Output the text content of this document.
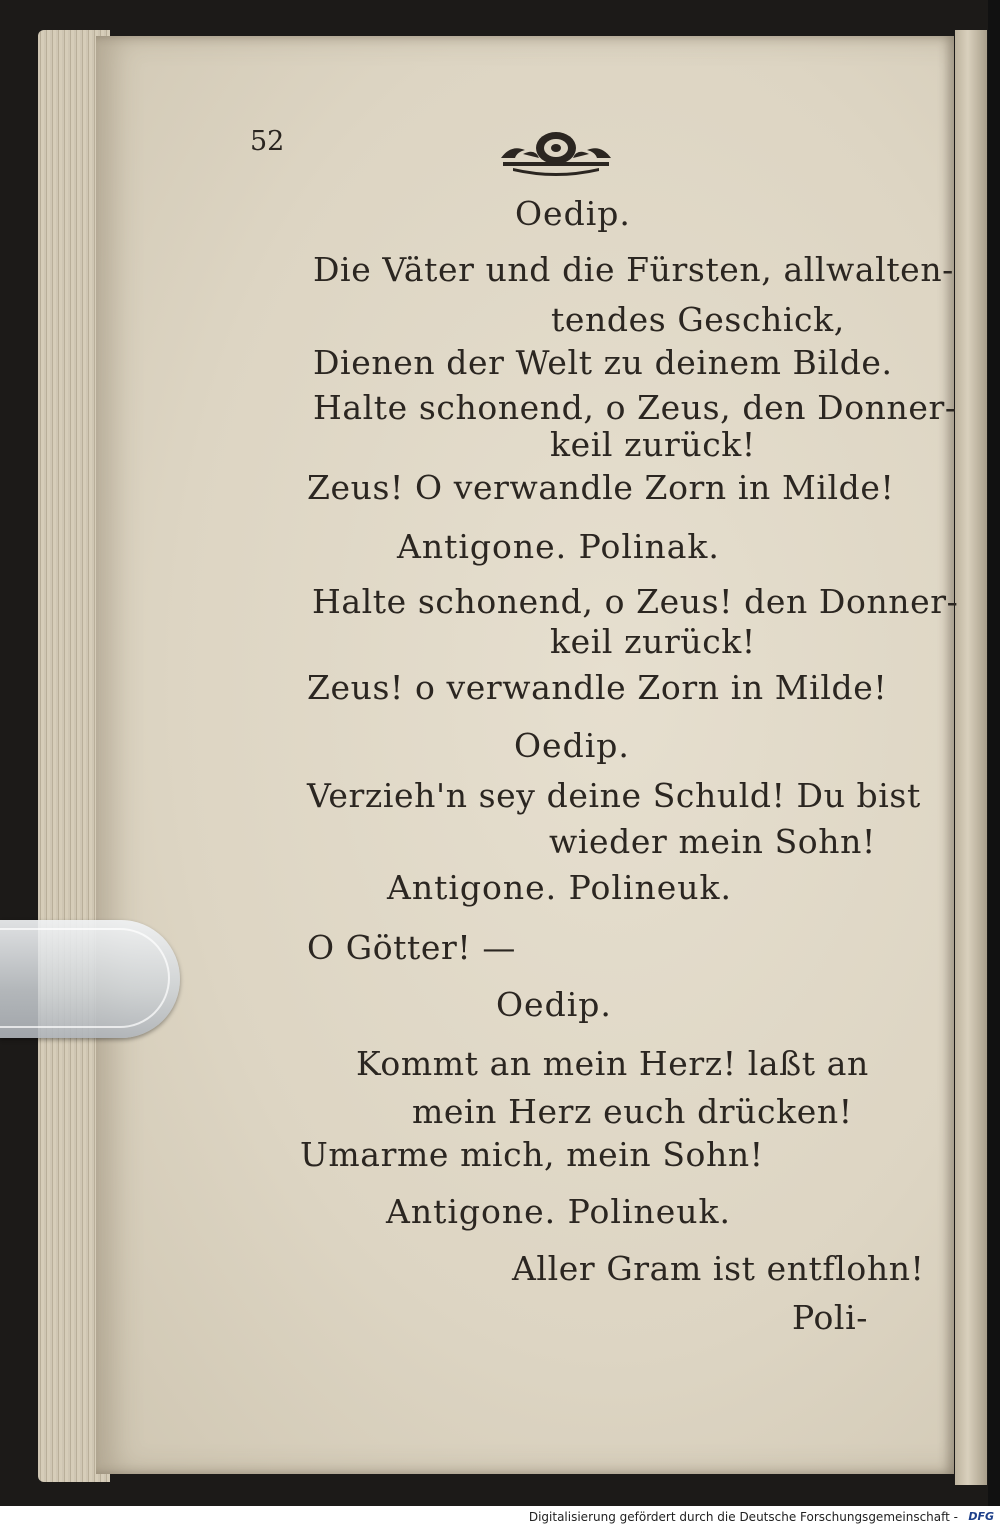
52
Oedip.
Die Väter und die Fürsten, allwalten-
tendes Geschick,
Dienen der Welt zu deinem Bilde.
Halte schonend, o Zeus, den Donner-
keil zurück!
Zeus! O verwandle Zorn in Milde!
Antigone. Polinak.
Halte schonend, o Zeus! den Donner-
keil zurück!
Zeus! o verwandle Zorn in Milde!
Oedip.
Verzieh'n sey deine Schuld! Du bist
wieder mein Sohn!
Antigone. Polineuk.
O Götter! —
Oedip.
Kommt an mein Herz! laßt an
mein Herz euch drücken!
Umarme mich, mein Sohn!
Antigone. Polineuk.
Aller Gram ist entflohn!
Poli-
Digitalisierung gefördert durch die Deutsche Forschungsgemeinschaft - DFG
